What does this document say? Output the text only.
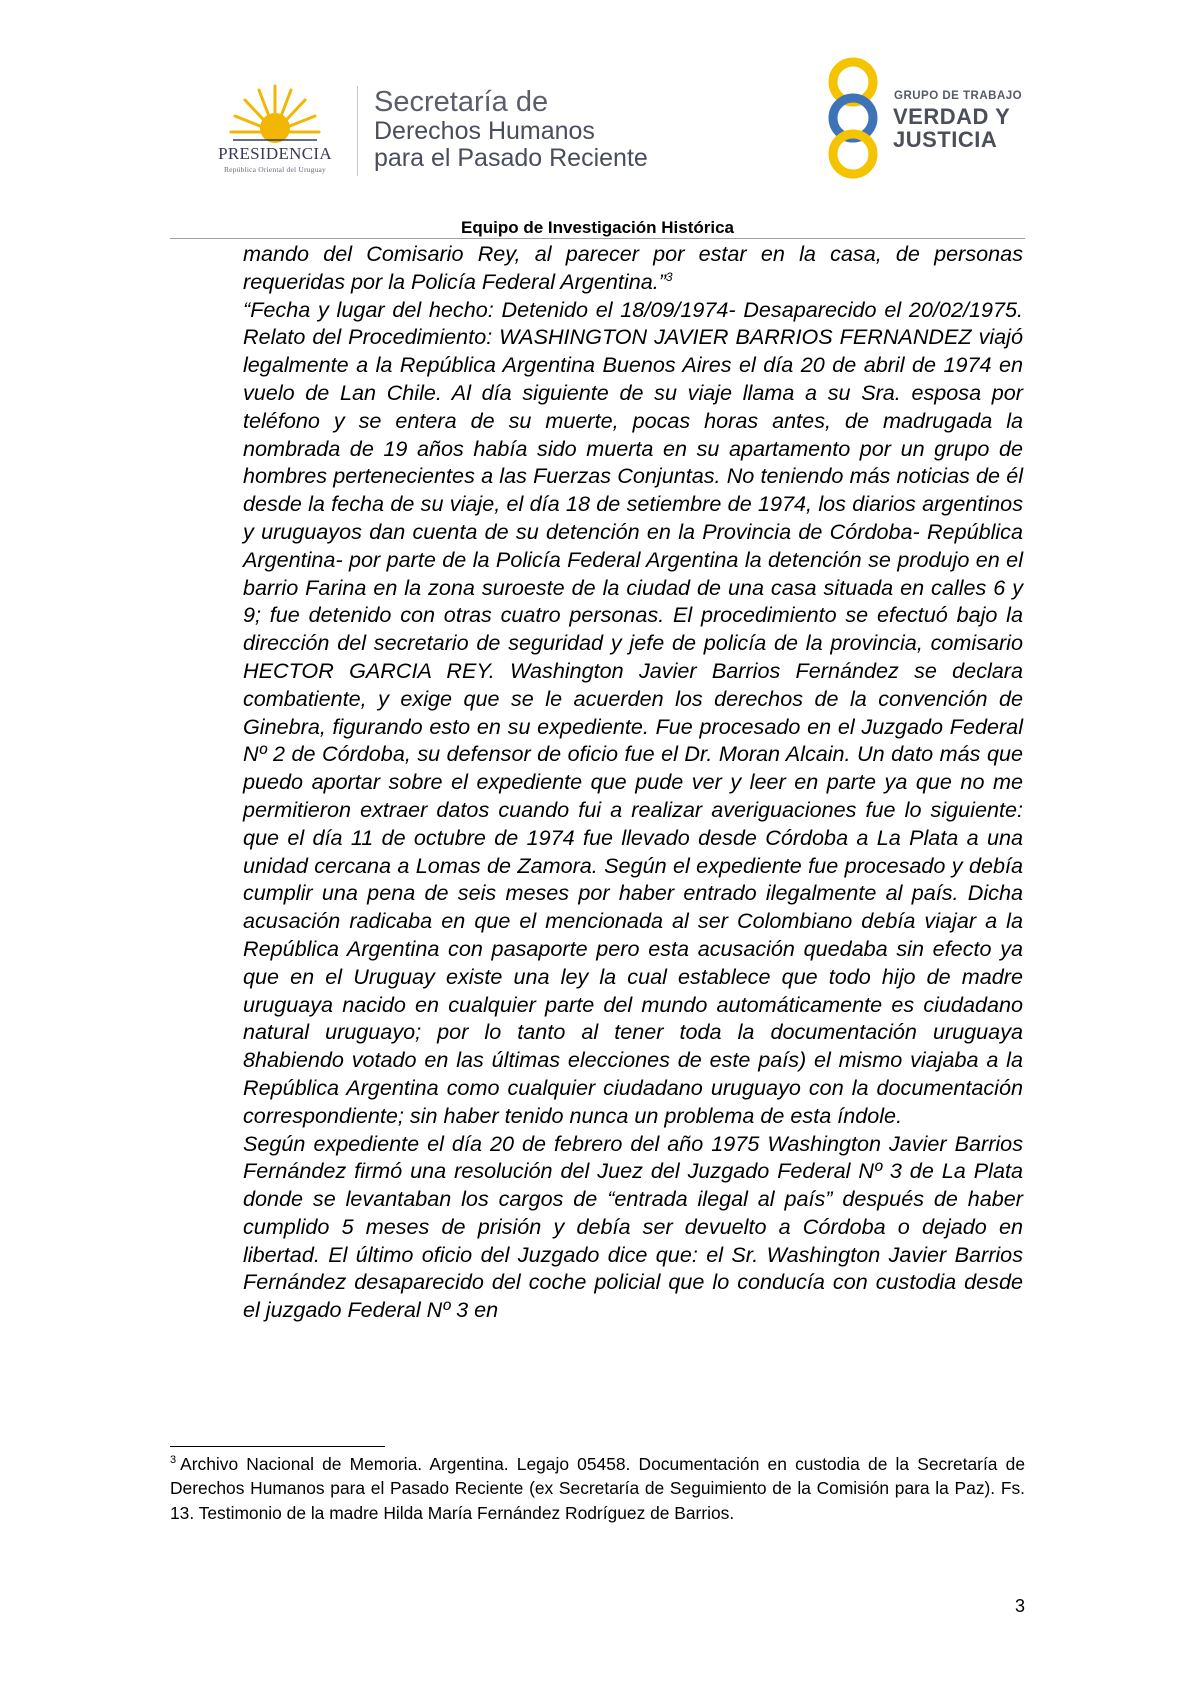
PRESIDENCIA
República Oriental del Uruguay
Secretaría de
Derechos Humanos
para el Pasado Reciente
GRUPO DE TRABAJO
VERDAD Y
JUSTICIA
Equipo de Investigación Histórica

mando del Comisario Rey, al parecer por estar en la casa, de personas requeridas por la Policía Federal Argentina.”$^3$

“Fecha y lugar del hecho: Detenido el 18/09/1974- Desaparecido el 20/02/1975. Relato del Procedimiento: WASHINGTON JAVIER BARRIOS FERNANDEZ viajó legalmente a la República Argentina Buenos Aires el día 20 de abril de 1974 en vuelo de Lan Chile. Al día siguiente de su viaje llama a su Sra. esposa por teléfono y se entera de su muerte, pocas horas antes, de madrugada la nombrada de 19 años había sido muerta en su apartamento por un grupo de hombres pertenecientes a las Fuerzas Conjuntas. No teniendo más noticias de él desde la fecha de su viaje, el día 18 de setiembre de 1974, los diarios argentinos y uruguayos dan cuenta de su detención en la Provincia de Córdoba- República Argentina- por parte de la Policía Federal Argentina la detención se produjo en el barrio Farina en la zona suroeste de la ciudad de una casa situada en calles 6 y 9; fue detenido con otras cuatro personas. El procedimiento se efectuó bajo la dirección del secretario de seguridad y jefe de policía de la provincia, comisario HECTOR GARCIA REY. Washington Javier Barrios Fernández se declara combatiente, y exige que se le acuerden los derechos de la convención de Ginebra, figurando esto en su expediente. Fue procesado en el Juzgado Federal Nº 2 de Córdoba, su defensor de oficio fue el Dr. Moran Alcain. Un dato más que puedo aportar sobre el expediente que pude ver y leer en parte ya que no me permitieron extraer datos cuando fui a realizar averiguaciones fue lo siguiente: que el día 11 de octubre de 1974 fue llevado desde Córdoba a La Plata a una unidad cercana a Lomas de Zamora. Según el expediente fue procesado y debía cumplir una pena de seis meses por haber entrado ilegalmente al país. Dicha acusación radicaba en que el mencionada al ser Colombiano debía viajar a la República Argentina con pasaporte pero esta acusación quedaba sin efecto ya que en el Uruguay existe una ley la cual establece que todo hijo de madre uruguaya nacido en cualquier parte del mundo automáticamente es ciudadano natural uruguayo; por lo tanto al tener toda la documentación uruguaya 8habiendo votado en las últimas elecciones de este país) el mismo viajaba a la República Argentina como cualquier ciudadano uruguayo con la documentación correspondiente; sin haber tenido nunca un problema de esta índole.

Según expediente el día 20 de febrero del año 1975 Washington Javier Barrios Fernández firmó una resolución del Juez del Juzgado Federal Nº 3 de La Plata donde se levantaban los cargos de “entrada ilegal al país” después de haber cumplido 5 meses de prisión y debía ser devuelto a Córdoba o dejado en libertad. El último oficio del Juzgado dice que: el Sr. Washington Javier Barrios Fernández desaparecido del coche policial que lo conducía con custodia desde el juzgado Federal Nº 3 en

$^3$ Archivo Nacional de Memoria. Argentina. Legajo 05458. Documentación en custodia de la Secretaría de Derechos Humanos para el Pasado Reciente (ex Secretaría de Seguimiento de la Comisión para la Paz). Fs. 13. Testimonio de la madre Hilda María Fernández Rodríguez de Barrios.
3
